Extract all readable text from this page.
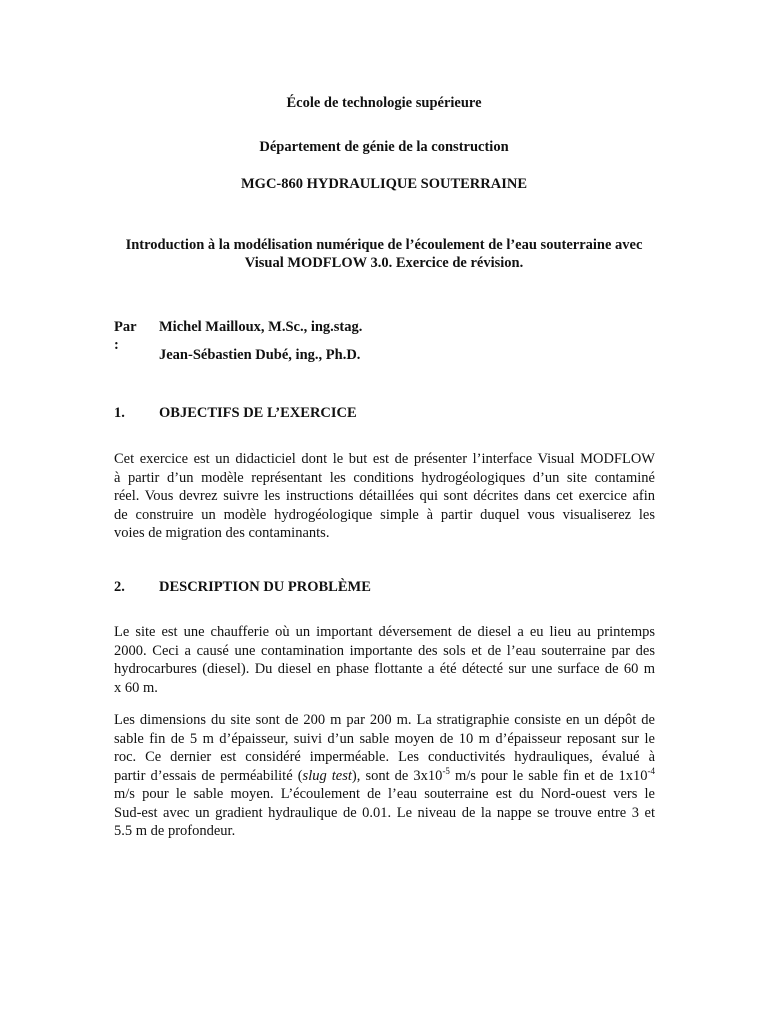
École de technologie supérieure
Département de génie de la construction
MGC-860 HYDRAULIQUE SOUTERRAINE
Introduction à la modélisation numérique de l’écoulement de l’eau souterraine avec
Visual MODFLOW 3.0. Exercice de révision.
Par :
Michel Mailloux, M.Sc., ing.stag.
Jean-Sébastien Dubé, ing., Ph.D.
1. OBJECTIFS DE L’EXERCICE
Cet exercice est un didacticiel dont le but est de présenter l’interface Visual MODFLOW
à partir d’un modèle représentant les conditions hydrogéologiques d’un site contaminé
réel. Vous devrez suivre les instructions détaillées qui sont décrites dans cet exercice afin
de construire un modèle hydrogéologique simple à partir duquel vous visualiserez les
voies de migration des contaminants.
2. DESCRIPTION DU PROBLÈME
Le site est une chaufferie où un important déversement de diesel a eu lieu au printemps
2000. Ceci a causé une contamination importante des sols et de l’eau souterraine par des
hydrocarbures (diesel). Du diesel en phase flottante a été détecté sur une surface de 60 m
x 60 m.
Les dimensions du site sont de 200 m par 200 m. La stratigraphie consiste en un dépôt de
sable fin de 5 m d’épaisseur, suivi d’un sable moyen de 10 m d’épaisseur reposant sur le
roc. Ce dernier est considéré imperméable. Les conductivités hydrauliques, évalué à
partir d’essais de perméabilité (slug test), sont de $3x10^{-5}$ m/s pour le sable fin et de $1x10^{-4}$
m/s pour le sable moyen. L’écoulement de l’eau souterraine est du Nord-ouest vers le
Sud-est avec un gradient hydraulique de 0.01. Le niveau de la nappe se trouve entre 3 et
5.5 m de profondeur.
